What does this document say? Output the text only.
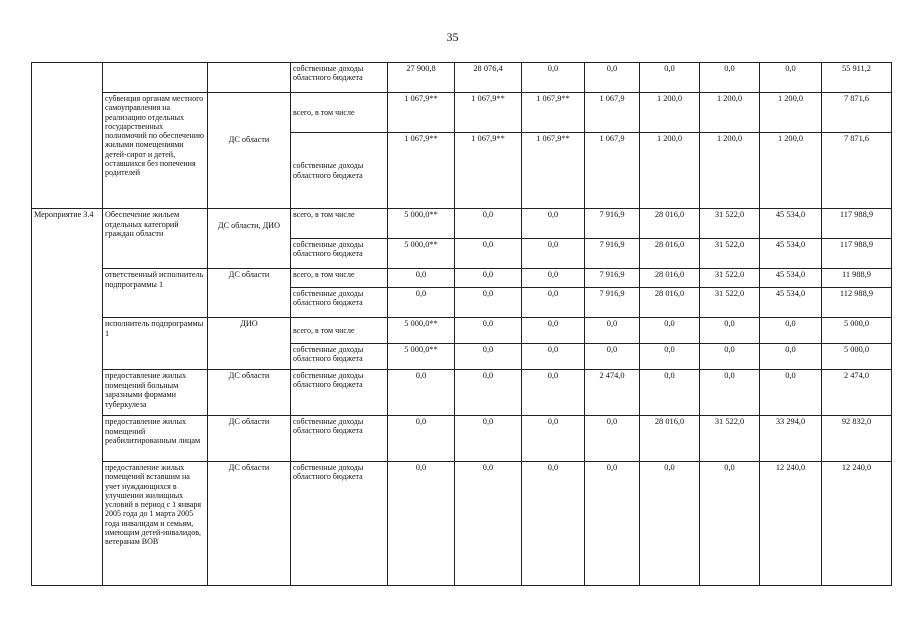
35
			собственные доходы областного бюджета	27 900,8	28 076,4	0,0	0,0	0,0	0,0	0,0	55 911,2
	субвенция органам местного самоуправления на реализацию отдельных государственных полномочий по обеспечению жилыми помещениями детей-сирот и детей, оставшихся без попечения родителей	ДС области	всего, в том числе	1 067,9**	1 067,9**	1 067,9**	1 067,9	1 200,0	1 200,0	1 200,0	7 871,6
			собственные доходы областного бюджета	1 067,9**	1 067,9**	1 067,9**	1 067,9	1 200,0	1 200,0	1 200,0	7 871,6
Мероприятие 3.4	Обеспечение жильем отдельных категорий граждан области	ДС области, ДИО	всего, в том числе	5 000,0**	0,0	0,0	7 916,9	28 016,0	31 522,0	45 534,0	117 988,9
			собственные доходы областного бюджета	5 000,0**	0,0	0,0	7 916,9	28 016,0	31 522,0	45 534,0	117 988,9
	ответственный исполнитель подпрограммы 1	ДС области	всего, в том числе	0,0	0,0	0,0	7 916,9	28 016,0	31 522,0	45 534,0	11 988,9
			собственные доходы областного бюджета	0,0	0,0	0,0	7 916,9	28 016,0	31 522,0	45 534,0	112 988,9
	исполнитель подпрограммы 1	ДИО	всего, в том числе	5 000,0**	0,0	0,0	0,0	0,0	0,0	0,0	5 000,0
			собственные доходы областного бюджета	5 000,0**	0,0	0,0	0,0	0,0	0,0	0,0	5 000,0
	предоставление жилых помещений больным заразными формами туберкулеза	ДС области	собственные доходы областного бюджета	0,0	0,0	0,0	2 474,0	0,0	0,0	0,0	2 474,0
	предоставление жилых помещений реабилитированным лицам	ДС области	собственные доходы областного бюджета	0,0	0,0	0,0	0,0	28 016,0	31 522,0	33 294,0	92 832,0
	предоставление жилых помещений вставшим на учет нуждающихся в улучшении жилищных условий в период с 1 января 2005 года до 1 марта 2005 года инвалидам и семьям, имеющим детей-инвалидов, ветеранам ВОВ	ДС области	собственные доходы областного бюджета	0,0	0,0	0,0	0,0	0,0	0,0	12 240,0	12 240,0
